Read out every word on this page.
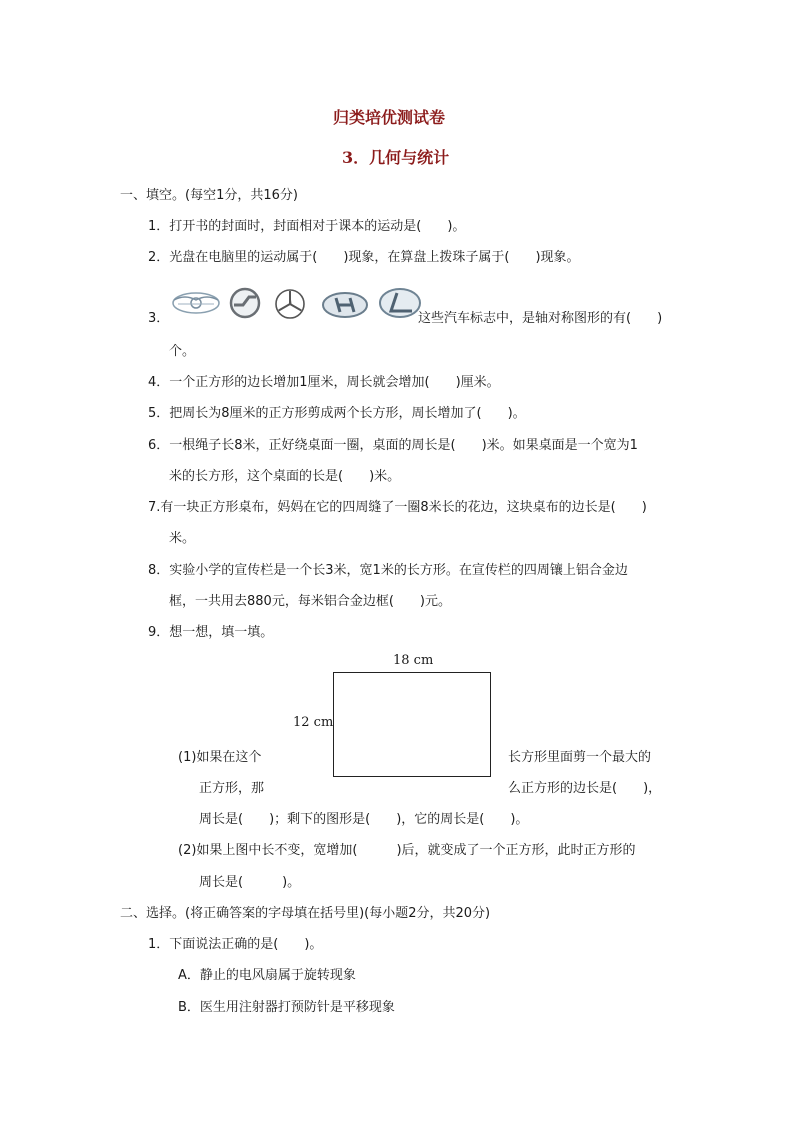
归类培优测试卷
3．几何与统计
一、填空。(每空1分，共16分)
1．打开书的封面时，封面相对于课本的运动是(　　)。
2．光盘在电脑里的运动属于(　　)现象，在算盘上拨珠子属于(　　)现象。
3．	这些汽车标志中，是轴对称图形的有(　　)
个。
4．一个正方形的边长增加1厘米，周长就会增加(　　)厘米。
5．把周长为8厘米的正方形剪成两个长方形，周长增加了(　　)。
6．一根绳子长8米，正好绕桌面一圈，桌面的周长是(　　)米。如果桌面是一个宽为1
米的长方形，这个桌面的长是(　　)米。
7.有一块正方形桌布，妈妈在它的四周缝了一圈8米长的花边，这块桌布的边长是(　　)
米。
8．实验小学的宣传栏是一个长3米，宽1米的长方形。在宣传栏的四周镶上铝合金边
框，一共用去880元，每米铝合金边框(　　)元。
9．想一想，填一填。
18 cm
12 cm
(1)如果在这个	长方形里面剪一个最大的
正方形，那	么正方形的边长是(　　)，
周长是(　　)；剩下的图形是(　　)，它的周长是(　　)。
(2)如果上图中长不变，宽增加(　　　)后，就变成了一个正方形，此时正方形的
周长是(　　　)。
二、选择。(将正确答案的字母填在括号里)(每小题2分，共20分)
1．下面说法正确的是(　　)。
A．静止的电风扇属于旋转现象
B．医生用注射器打预防针是平移现象
